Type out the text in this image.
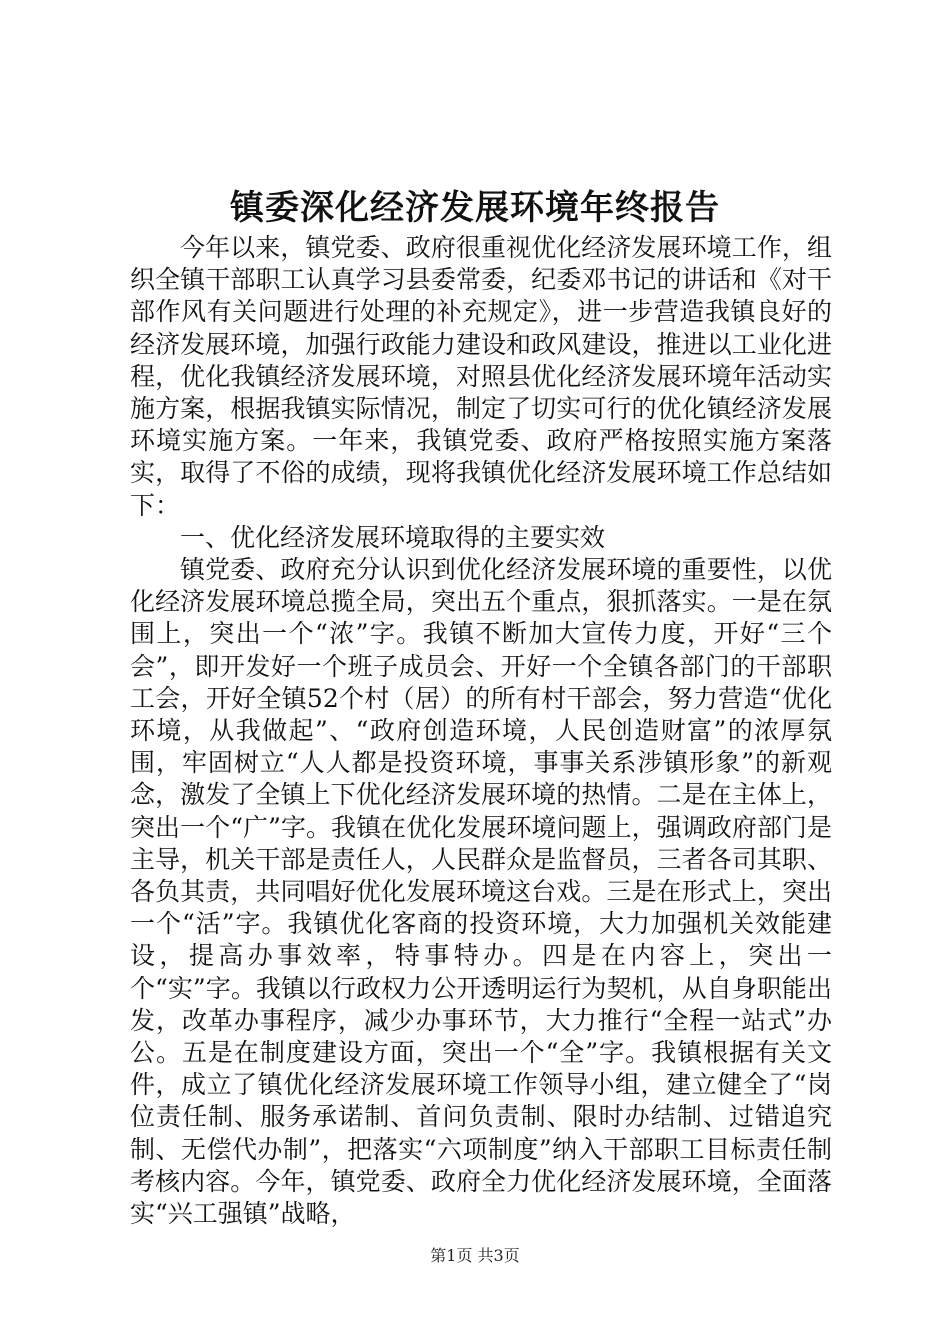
镇委深化经济发展环境年终报告

今年以来，镇党委、政府很重视优化经济发展环境工作，组织全镇干部职工认真学习县委常委，纪委邓书记的讲话和《对干部作风有关问题进行处理的补充规定》，进一步营造我镇良好的经济发展环境，加强行政能力建设和政风建设，推进以工业化进程，优化我镇经济发展环境，对照县优化经济发展环境年活动实施方案，根据我镇实际情况，制定了切实可行的优化镇经济发展环境实施方案。一年来，我镇党委、政府严格按照实施方案落实，取得了不俗的成绩，现将我镇优化经济发展环境工作总结如下：

一、优化经济发展环境取得的主要实效

镇党委、政府充分认识到优化经济发展环境的重要性，以优化经济发展环境总揽全局，突出五个重点，狠抓落实。一是在氛围上，突出一个“浓”字。我镇不断加大宣传力度，开好“三个会”，即开发好一个班子成员会、开好一个全镇各部门的干部职工会，开好全镇52个村（居）的所有村干部会，努力营造“优化环境，从我做起”、“政府创造环境，人民创造财富”的浓厚氛围，牢固树立“人人都是投资环境，事事关系涉镇形象”的新观念，激发了全镇上下优化经济发展环境的热情。二是在主体上，突出一个“广”字。我镇在优化发展环境问题上，强调政府部门是主导，机关干部是责任人，人民群众是监督员，三者各司其职、各负其责，共同唱好优化发展环境这台戏。三是在形式上，突出一个“活”字。我镇优化客商的投资环境，大力加强机关效能建设，提高办事效率，特事特办。四是在内容上，突出一个“实”字。我镇以行政权力公开透明运行为契机，从自身职能出发，改革办事程序，减少办事环节，大力推行“全程一站式”办公。五是在制度建设方面，突出一个“全”字。我镇根据有关文件，成立了镇优化经济发展环境工作领导小组，建立健全了“岗位责任制、服务承诺制、首问负责制、限时办结制、过错追究制、无偿代办制”，把落实“六项制度”纳入干部职工目标责任制考核内容。今年，镇党委、政府全力优化经济发展环境，全面落实“兴工强镇”战略，

第1页 共3页
